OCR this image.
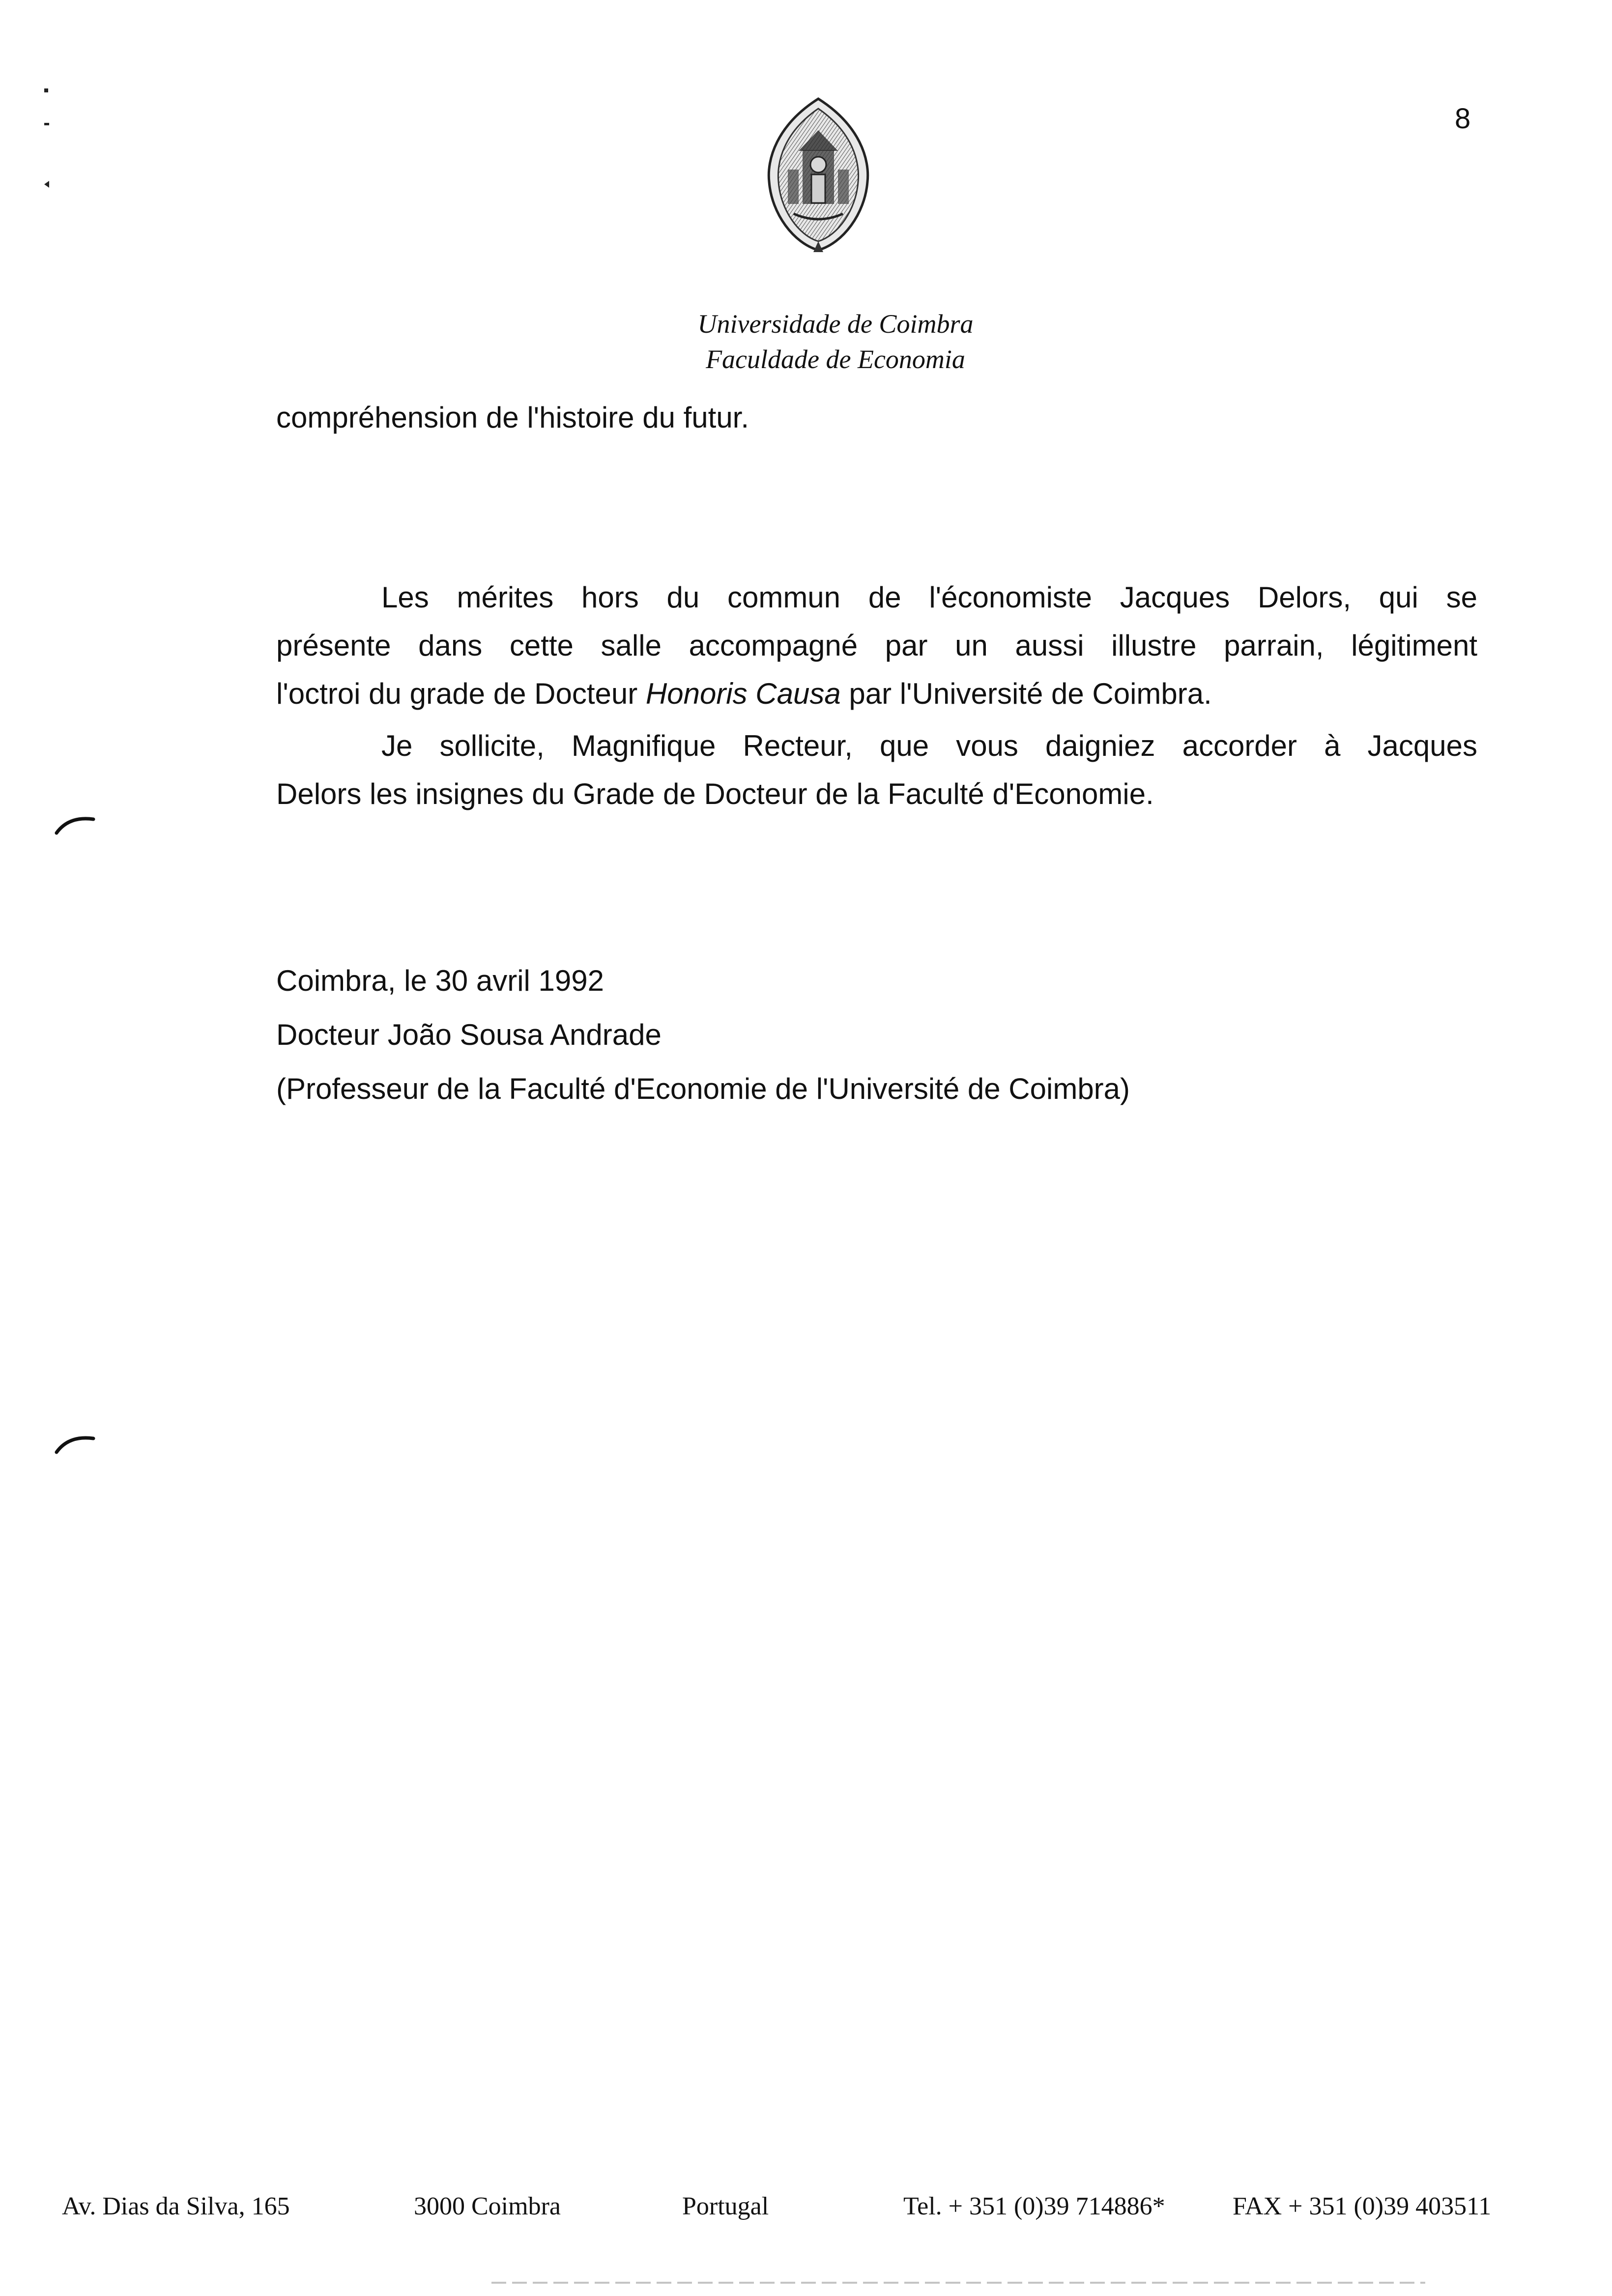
8
Universidade de Coimbra
Faculdade de Economia
compréhension de l'histoire du futur.
Les mérites hors du commun de l'économiste Jacques Delors, qui se
présente dans cette salle accompagné par un aussi illustre parrain, légitiment
l'octroi du grade de Docteur Honoris Causa par l'Université de Coimbra.
Je sollicite, Magnifique Recteur, que vous daigniez accorder à Jacques
Delors les insignes du Grade de Docteur de la Faculté d'Economie.
Coimbra, le 30 avril 1992
Docteur João Sousa Andrade
(Professeur de la Faculté d'Economie de l'Université de Coimbra)
Av. Dias da Silva, 165	3000 Coimbra	Portugal	Tel. + 351 (0)39 714886*	FAX + 351 (0)39 403511
